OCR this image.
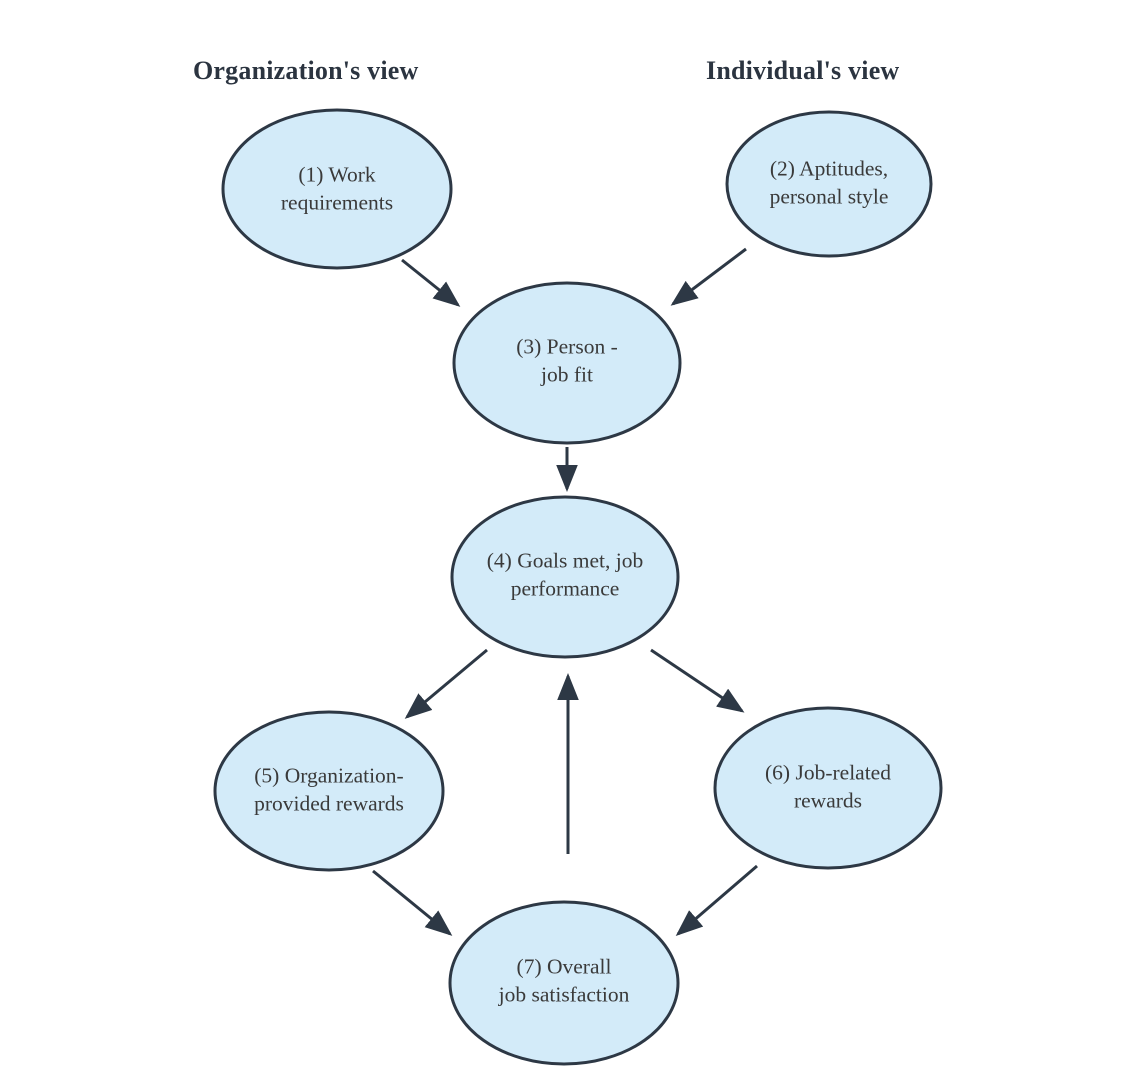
Organization's view	Individual's view
(1) Work
requirements
(2) Aptitudes,
personal style
(3) Person -
job fit
(4) Goals met, job
performance
(5) Organization-
provided rewards
(6) Job-related
rewards
(7) Overall
job satisfaction
